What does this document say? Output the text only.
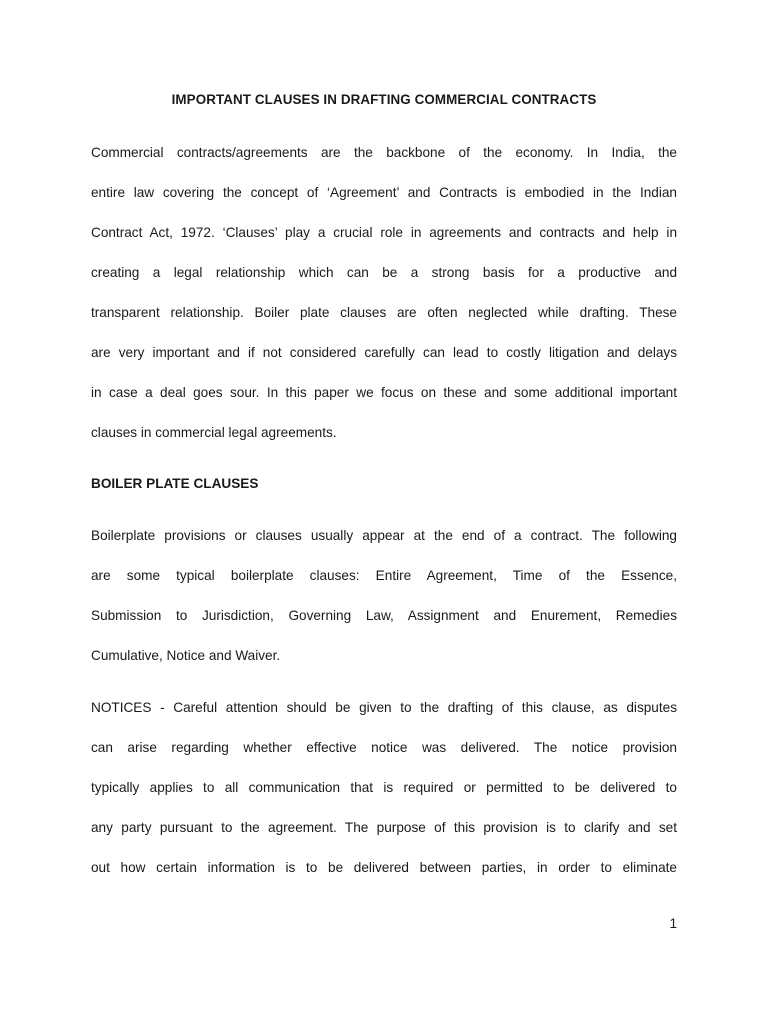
IMPORTANT CLAUSES IN DRAFTING COMMERCIAL CONTRACTS

Commercial contracts/agreements are the backbone of the economy. In India, the
entire law covering the concept of ‘Agreement’ and Contracts is embodied in the Indian
Contract Act, 1972. ‘Clauses’ play a crucial role in agreements and contracts and help in
creating a legal relationship which can be a strong basis for a productive and
transparent relationship. Boiler plate clauses are often neglected while drafting. These
are very important and if not considered carefully can lead to costly litigation and delays
in case a deal goes sour. In this paper we focus on these and some additional important
clauses in commercial legal agreements.

BOILER PLATE CLAUSES

Boilerplate provisions or clauses usually appear at the end of a contract. The following
are some typical boilerplate clauses: Entire Agreement, Time of the Essence,
Submission to Jurisdiction, Governing Law, Assignment and Enurement, Remedies
Cumulative, Notice and Waiver.

NOTICES - Careful attention should be given to the drafting of this clause, as disputes
can arise regarding whether effective notice was delivered. The notice provision
typically applies to all communication that is required or permitted to be delivered to
any party pursuant to the agreement. The purpose of this provision is to clarify and set
out how certain information is to be delivered between parties, in order to eliminate

1
